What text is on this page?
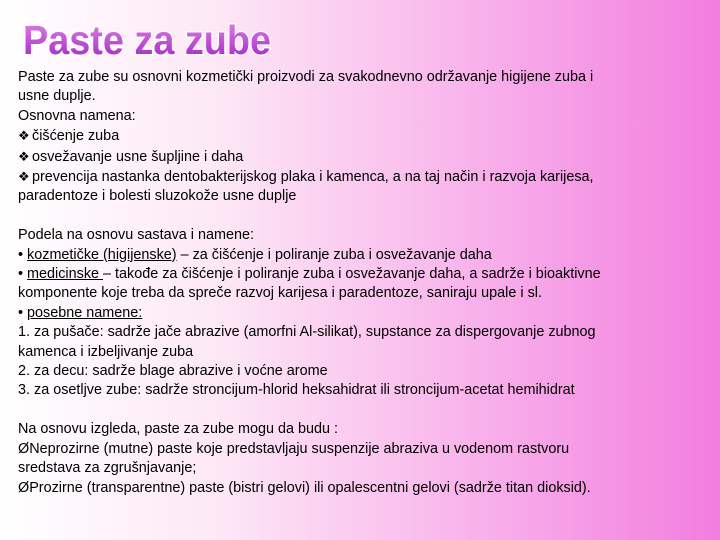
Paste za zube
Paste za zube su osnovni kozmetički proizvodi za svakodnevno održavanje higijene zuba i
usne duplje.
Osnovna namena:
❖ čišćenje zuba
❖ osvežavanje usne šupljine i daha
❖ prevencija nastanka dentobakterijskog plaka i kamenca, a na taj način i razvoja karijesa,
paradentoze i bolesti sluzokože usne duplje
Podela na osnovu sastava i namene:
• kozmetičke (higijenske) – za čišćenje i poliranje zuba i osvežavanje daha
• medicinske – takođe za čišćenje i poliranje zuba i osvežavanje daha, a sadrže i bioaktivne
komponente koje treba da spreče razvoj karijesa i paradentoze, saniraju upale i sl.
• posebne namene:
1. za pušače: sadrže jače abrazive (amorfni Al-silikat), supstance za dispergovanje zubnog
kamenca i izbeljivanje zuba
2. za decu: sadrže blage abrazive i voćne arome
3. za osetljve zube: sadrže stroncijum-hlorid heksahidrat ili stroncijum-acetat hemihidrat
Na osnovu izgleda, paste za zube mogu da budu :
ØNeprozirne (mutne) paste koje predstavljaju suspenzije abraziva u vodenom rastvoru
sredstava za zgrušnjavanje;
ØProzirne (transparentne) paste (bistri gelovi) ili opalescentni gelovi (sadrže titan dioksid).
